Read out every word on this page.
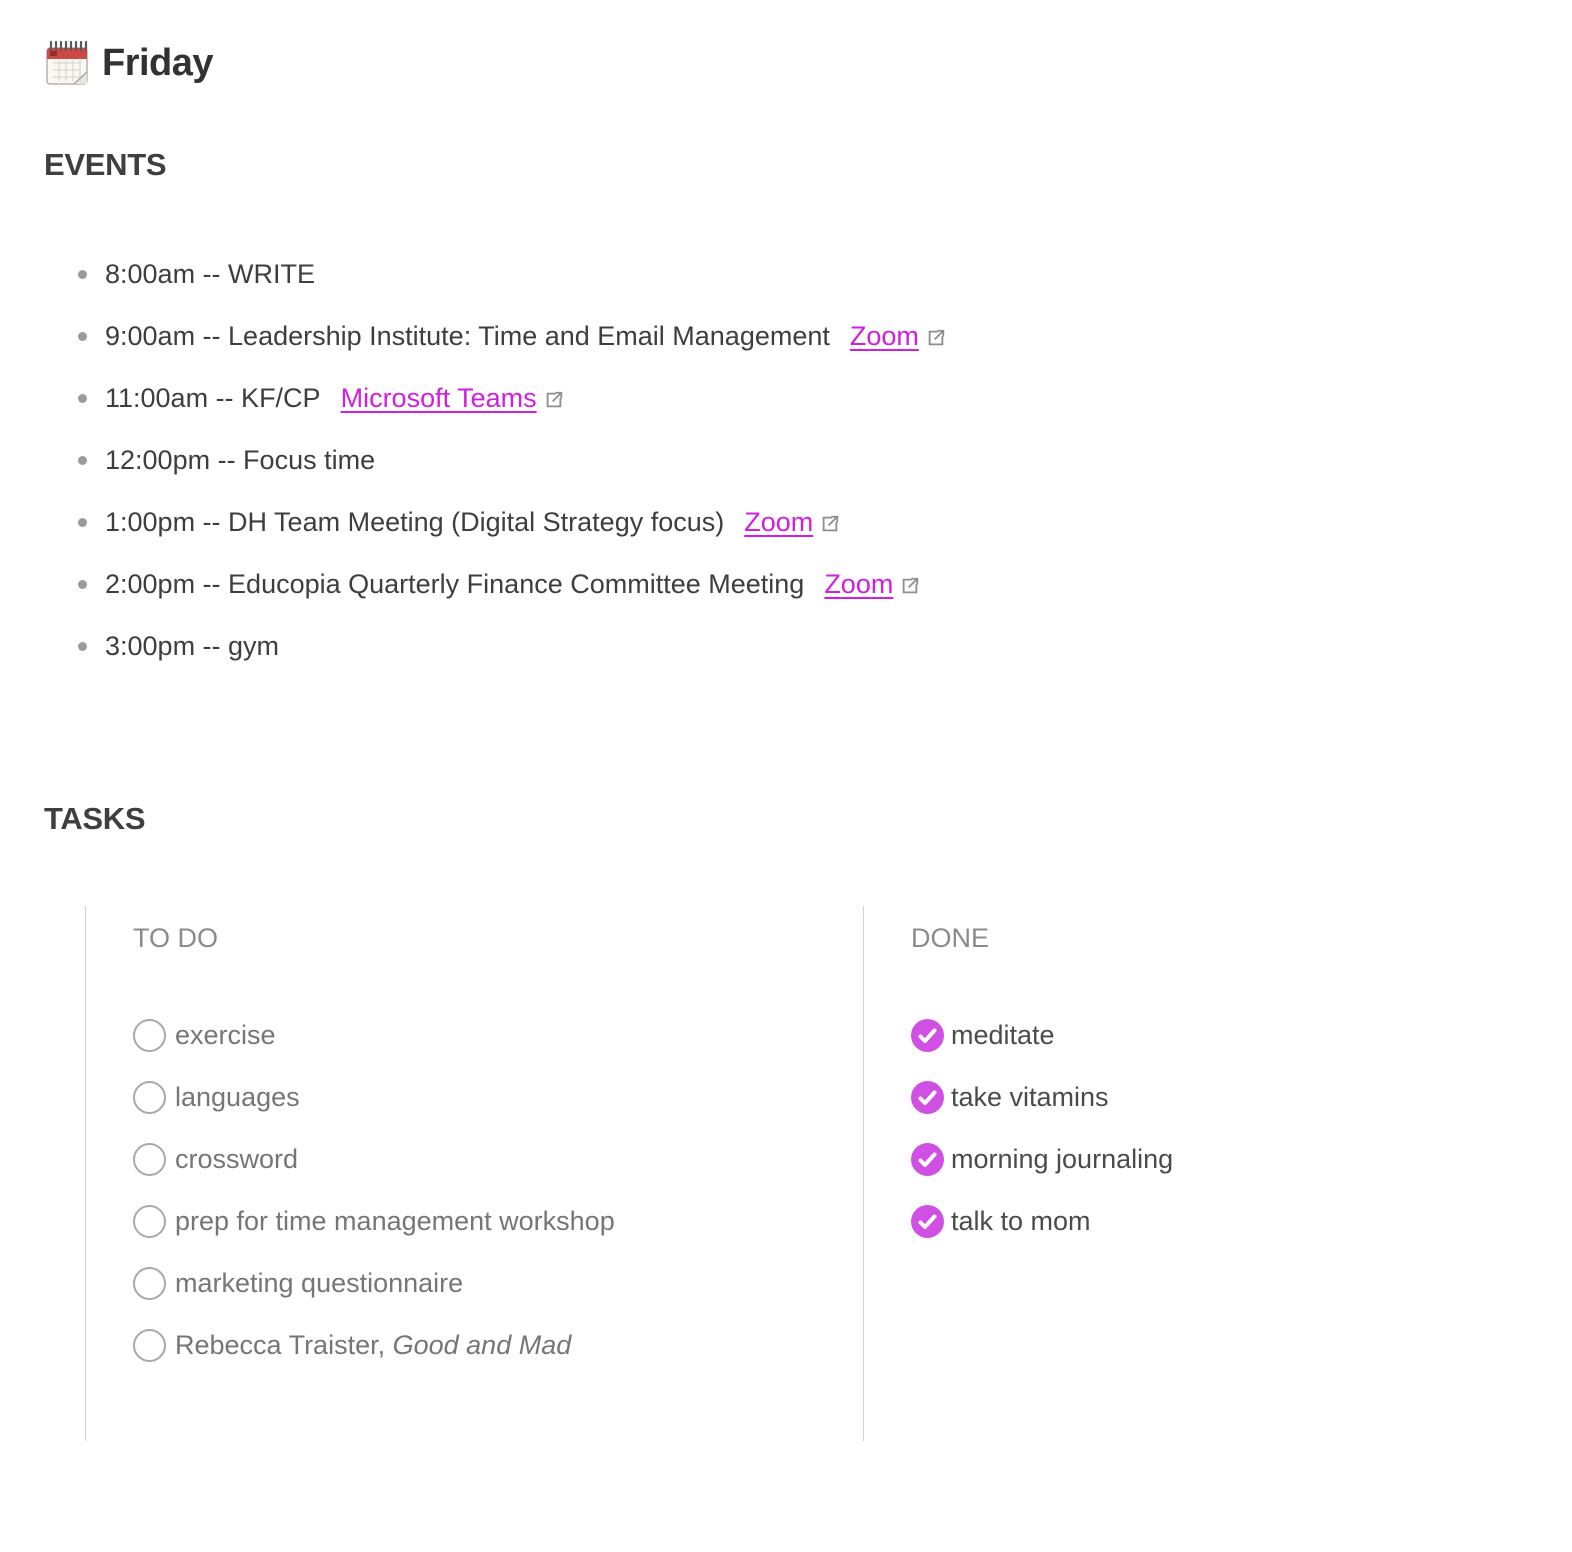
Friday
EVENTS
8:00am -- WRITE
9:00am -- Leadership Institute: Time and Email Management Zoom
11:00am -- KF/CP Microsoft Teams
12:00pm -- Focus time
1:00pm -- DH Team Meeting (Digital Strategy focus) Zoom
2:00pm -- Educopia Quarterly Finance Committee Meeting Zoom
3:00pm -- gym
TASKS
TO DO
exercise
languages
crossword
prep for time management workshop
marketing questionnaire
Rebecca Traister, Good and Mad
DONE
meditate
take vitamins
morning journaling
talk to mom
